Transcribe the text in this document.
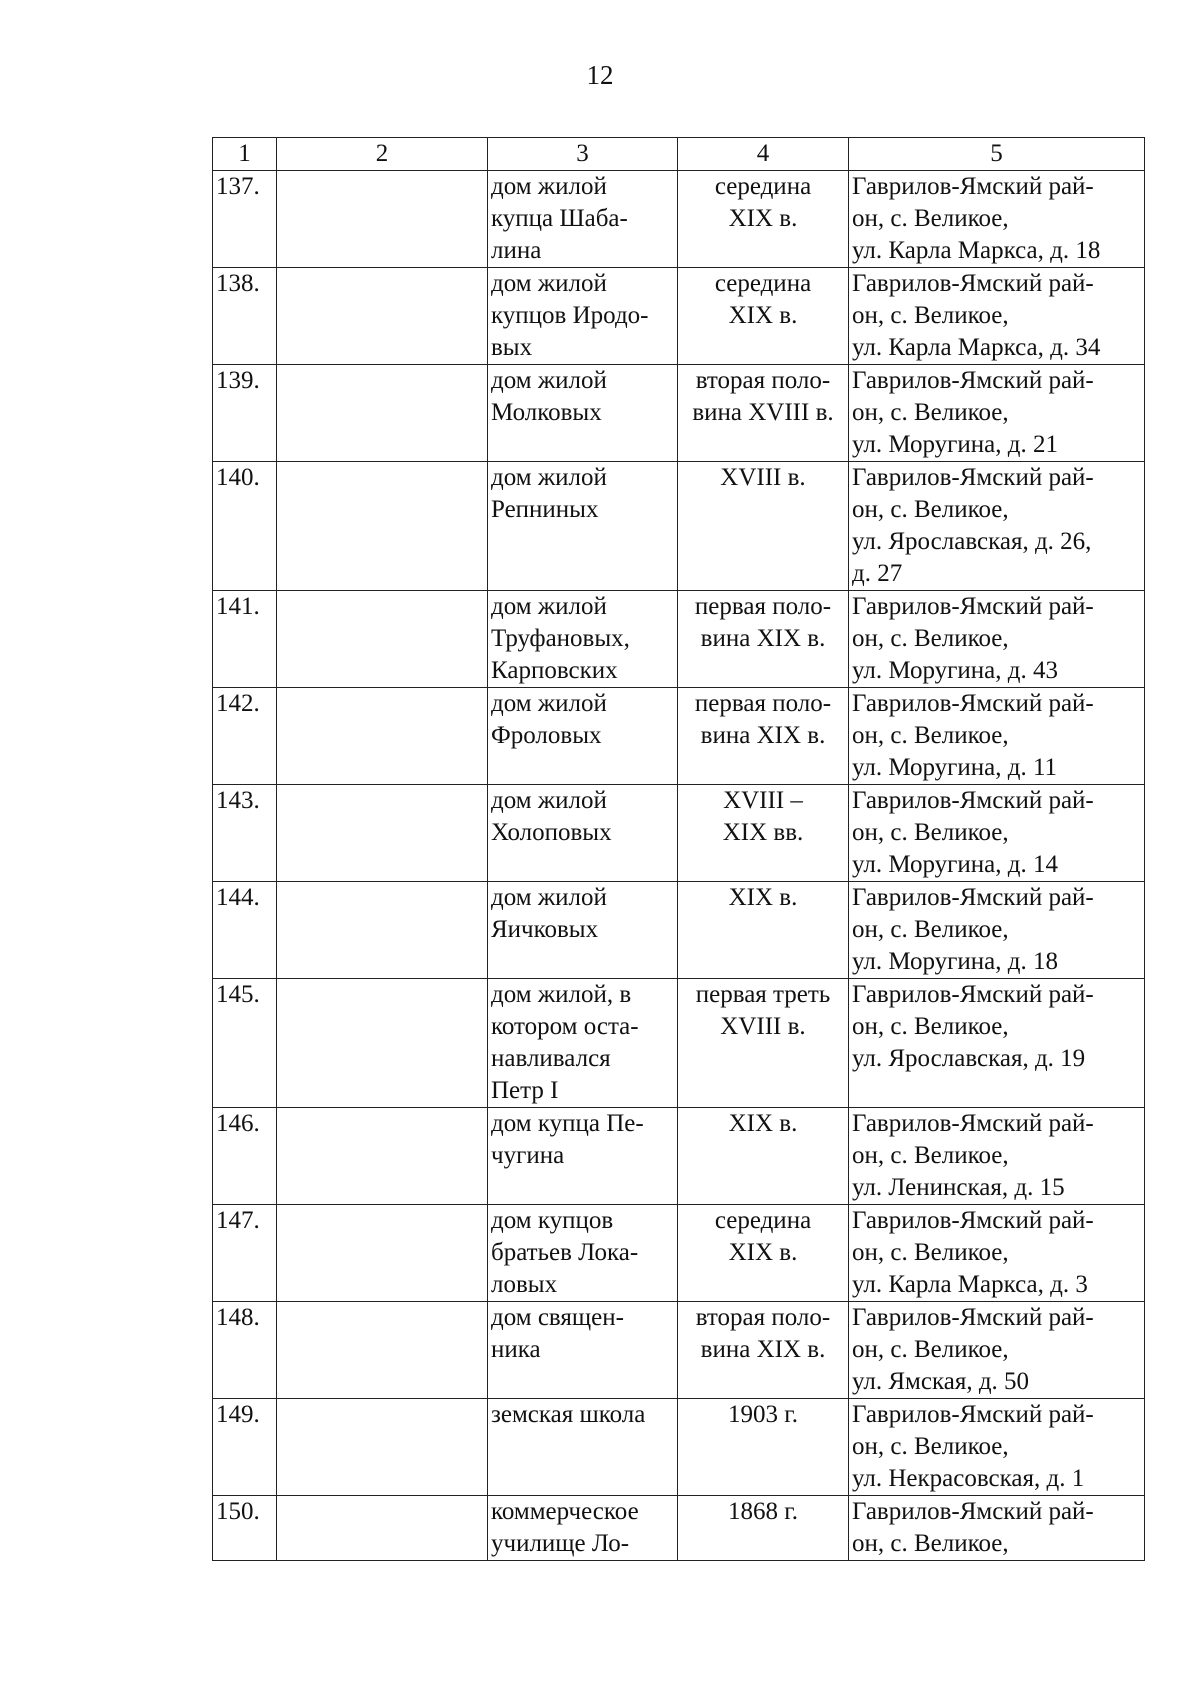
12
1	2	3	4	5
137.		дом жилой
купца Шаба-
лина	середина
XIX в.	Гаврилов-Ямский рай-
он, с. Великое,
ул. Карла Маркса, д. 18
138.		дом жилой
купцов Иродо-
вых	середина
XIX в.	Гаврилов-Ямский рай-
он, с. Великое,
ул. Карла Маркса, д. 34
139.		дом жилой
Молковых	вторая поло-
вина XVIII в.	Гаврилов-Ямский рай-
он, с. Великое,
ул. Моругина, д. 21
140.		дом жилой
Репниных	XVIII в.	Гаврилов-Ямский рай-
он, с. Великое,
ул. Ярославская, д. 26,
д. 27
141.		дом жилой
Труфановых,
Карповских	первая поло-
вина XIX в.	Гаврилов-Ямский рай-
он, с. Великое,
ул. Моругина, д. 43
142.		дом жилой
Фроловых	первая поло-
вина XIX в.	Гаврилов-Ямский рай-
он, с. Великое,
ул. Моругина, д. 11
143.		дом жилой
Холоповых	XVIII –
XIX вв.	Гаврилов-Ямский рай-
он, с. Великое,
ул. Моругина, д. 14
144.		дом жилой
Яичковых	XIX в.	Гаврилов-Ямский рай-
он, с. Великое,
ул. Моругина, д. 18
145.		дом жилой, в
котором оста-
навливался
Петр I	первая треть
XVIII в.	Гаврилов-Ямский рай-
он, с. Великое,
ул. Ярославская, д. 19
146.		дом купца Пе-
чугина	XIX в.	Гаврилов-Ямский рай-
он, с. Великое,
ул. Ленинская, д. 15
147.		дом купцов
братьев Лока-
ловых	середина
XIX в.	Гаврилов-Ямский рай-
он, с. Великое,
ул. Карла Маркса, д. 3
148.		дом священ-
ника	вторая поло-
вина XIX в.	Гаврилов-Ямский рай-
он, с. Великое,
ул. Ямская, д. 50
149.		земская школа	1903 г.	Гаврилов-Ямский рай-
он, с. Великое,
ул. Некрасовская, д. 1
150.		коммерческое
училище Ло-	1868 г.	Гаврилов-Ямский рай-
он, с. Великое,
